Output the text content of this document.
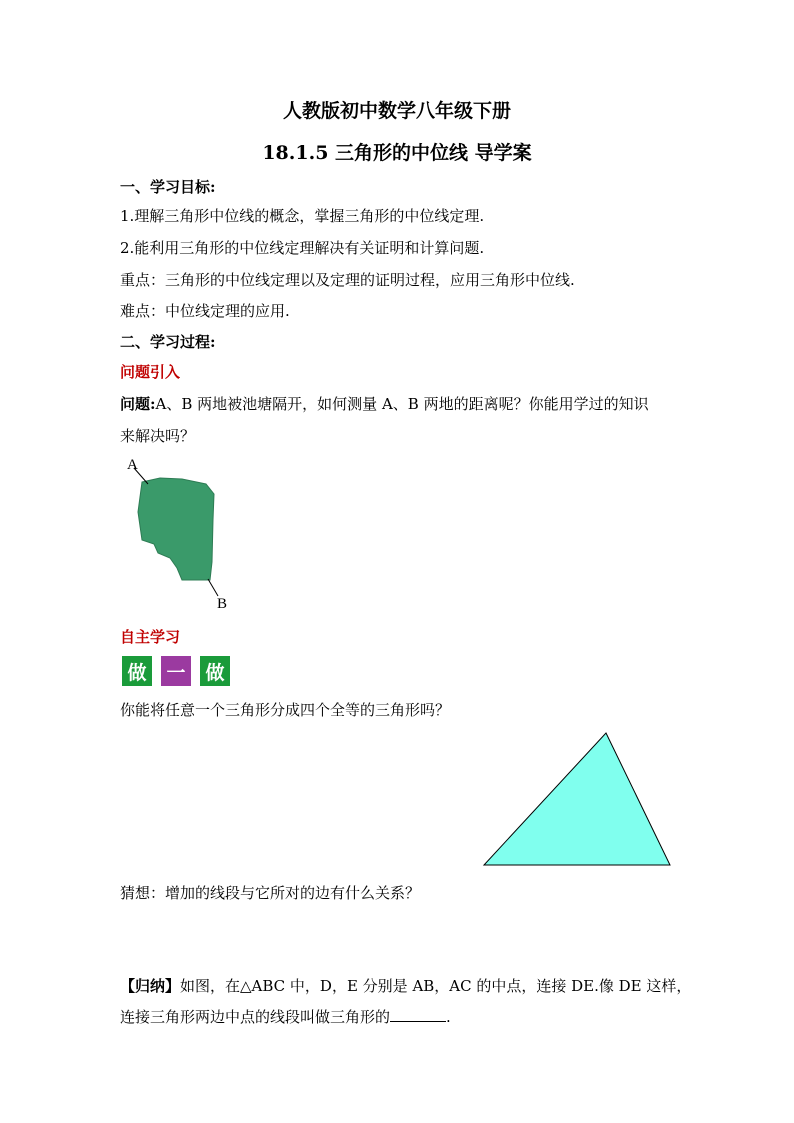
人教版初中数学八年级下册
18.1.5 三角形的中位线 导学案
一、学习目标:
1.理解三角形中位线的概念，掌握三角形的中位线定理.
2.能利用三角形的中位线定理解决有关证明和计算问题.
重点：三角形的中位线定理以及定理的证明过程，应用三角形中位线.
难点：中位线定理的应用.
二、学习过程:
问题引入
问题:A、B 两地被池塘隔开，如何测量 A、B 两地的距离呢？你能用学过的知识
来解决吗？
A
B
自主学习
做 一 做
你能将任意一个三角形分成四个全等的三角形吗？
猜想：增加的线段与它所对的边有什么关系？
【归纳】如图，在△ABC 中，D，E 分别是 AB，AC 的中点，连接 DE.像 DE 这样，
连接三角形两边中点的线段叫做三角形的	.
